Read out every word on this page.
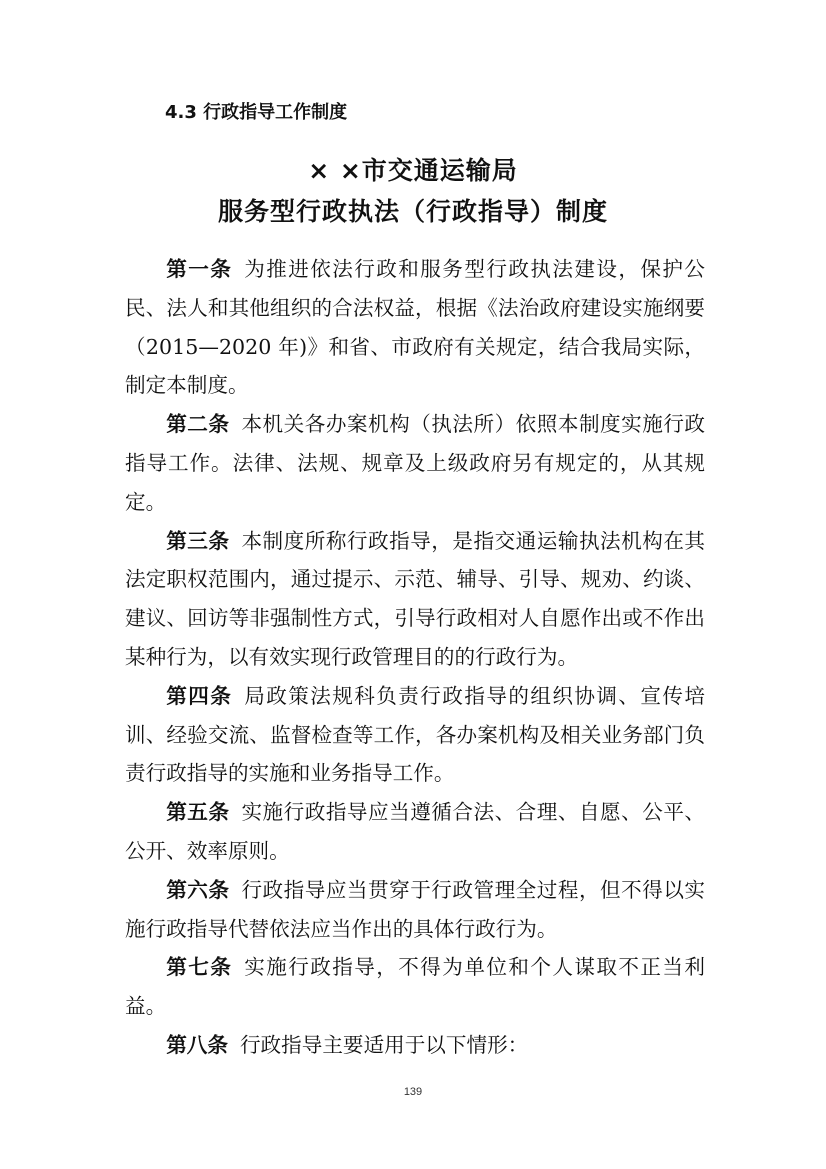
4.3 行政指导工作制度
× ×市交通运输局
服务型行政执法（行政指导）制度

第一条 为推进依法行政和服务型行政执法建设，保护公民、法人和其他组织的合法权益，根据《法治政府建设实施纲要（2015—2020 年)》和省、市政府有关规定，结合我局实际，制定本制度。

第二条 本机关各办案机构（执法所）依照本制度实施行政指导工作。法律、法规、规章及上级政府另有规定的，从其规定。

第三条 本制度所称行政指导，是指交通运输执法机构在其法定职权范围内，通过提示、示范、辅导、引导、规劝、约谈、建议、回访等非强制性方式，引导行政相对人自愿作出或不作出某种行为，以有效实现行政管理目的的行政行为。

第四条 局政策法规科负责行政指导的组织协调、宣传培训、经验交流、监督检查等工作，各办案机构及相关业务部门负责行政指导的实施和业务指导工作。

第五条 实施行政指导应当遵循合法、合理、自愿、公平、公开、效率原则。

第六条 行政指导应当贯穿于行政管理全过程，但不得以实施行政指导代替依法应当作出的具体行政行为。

第七条 实施行政指导，不得为单位和个人谋取不正当利益。

第八条 行政指导主要适用于以下情形：

139
